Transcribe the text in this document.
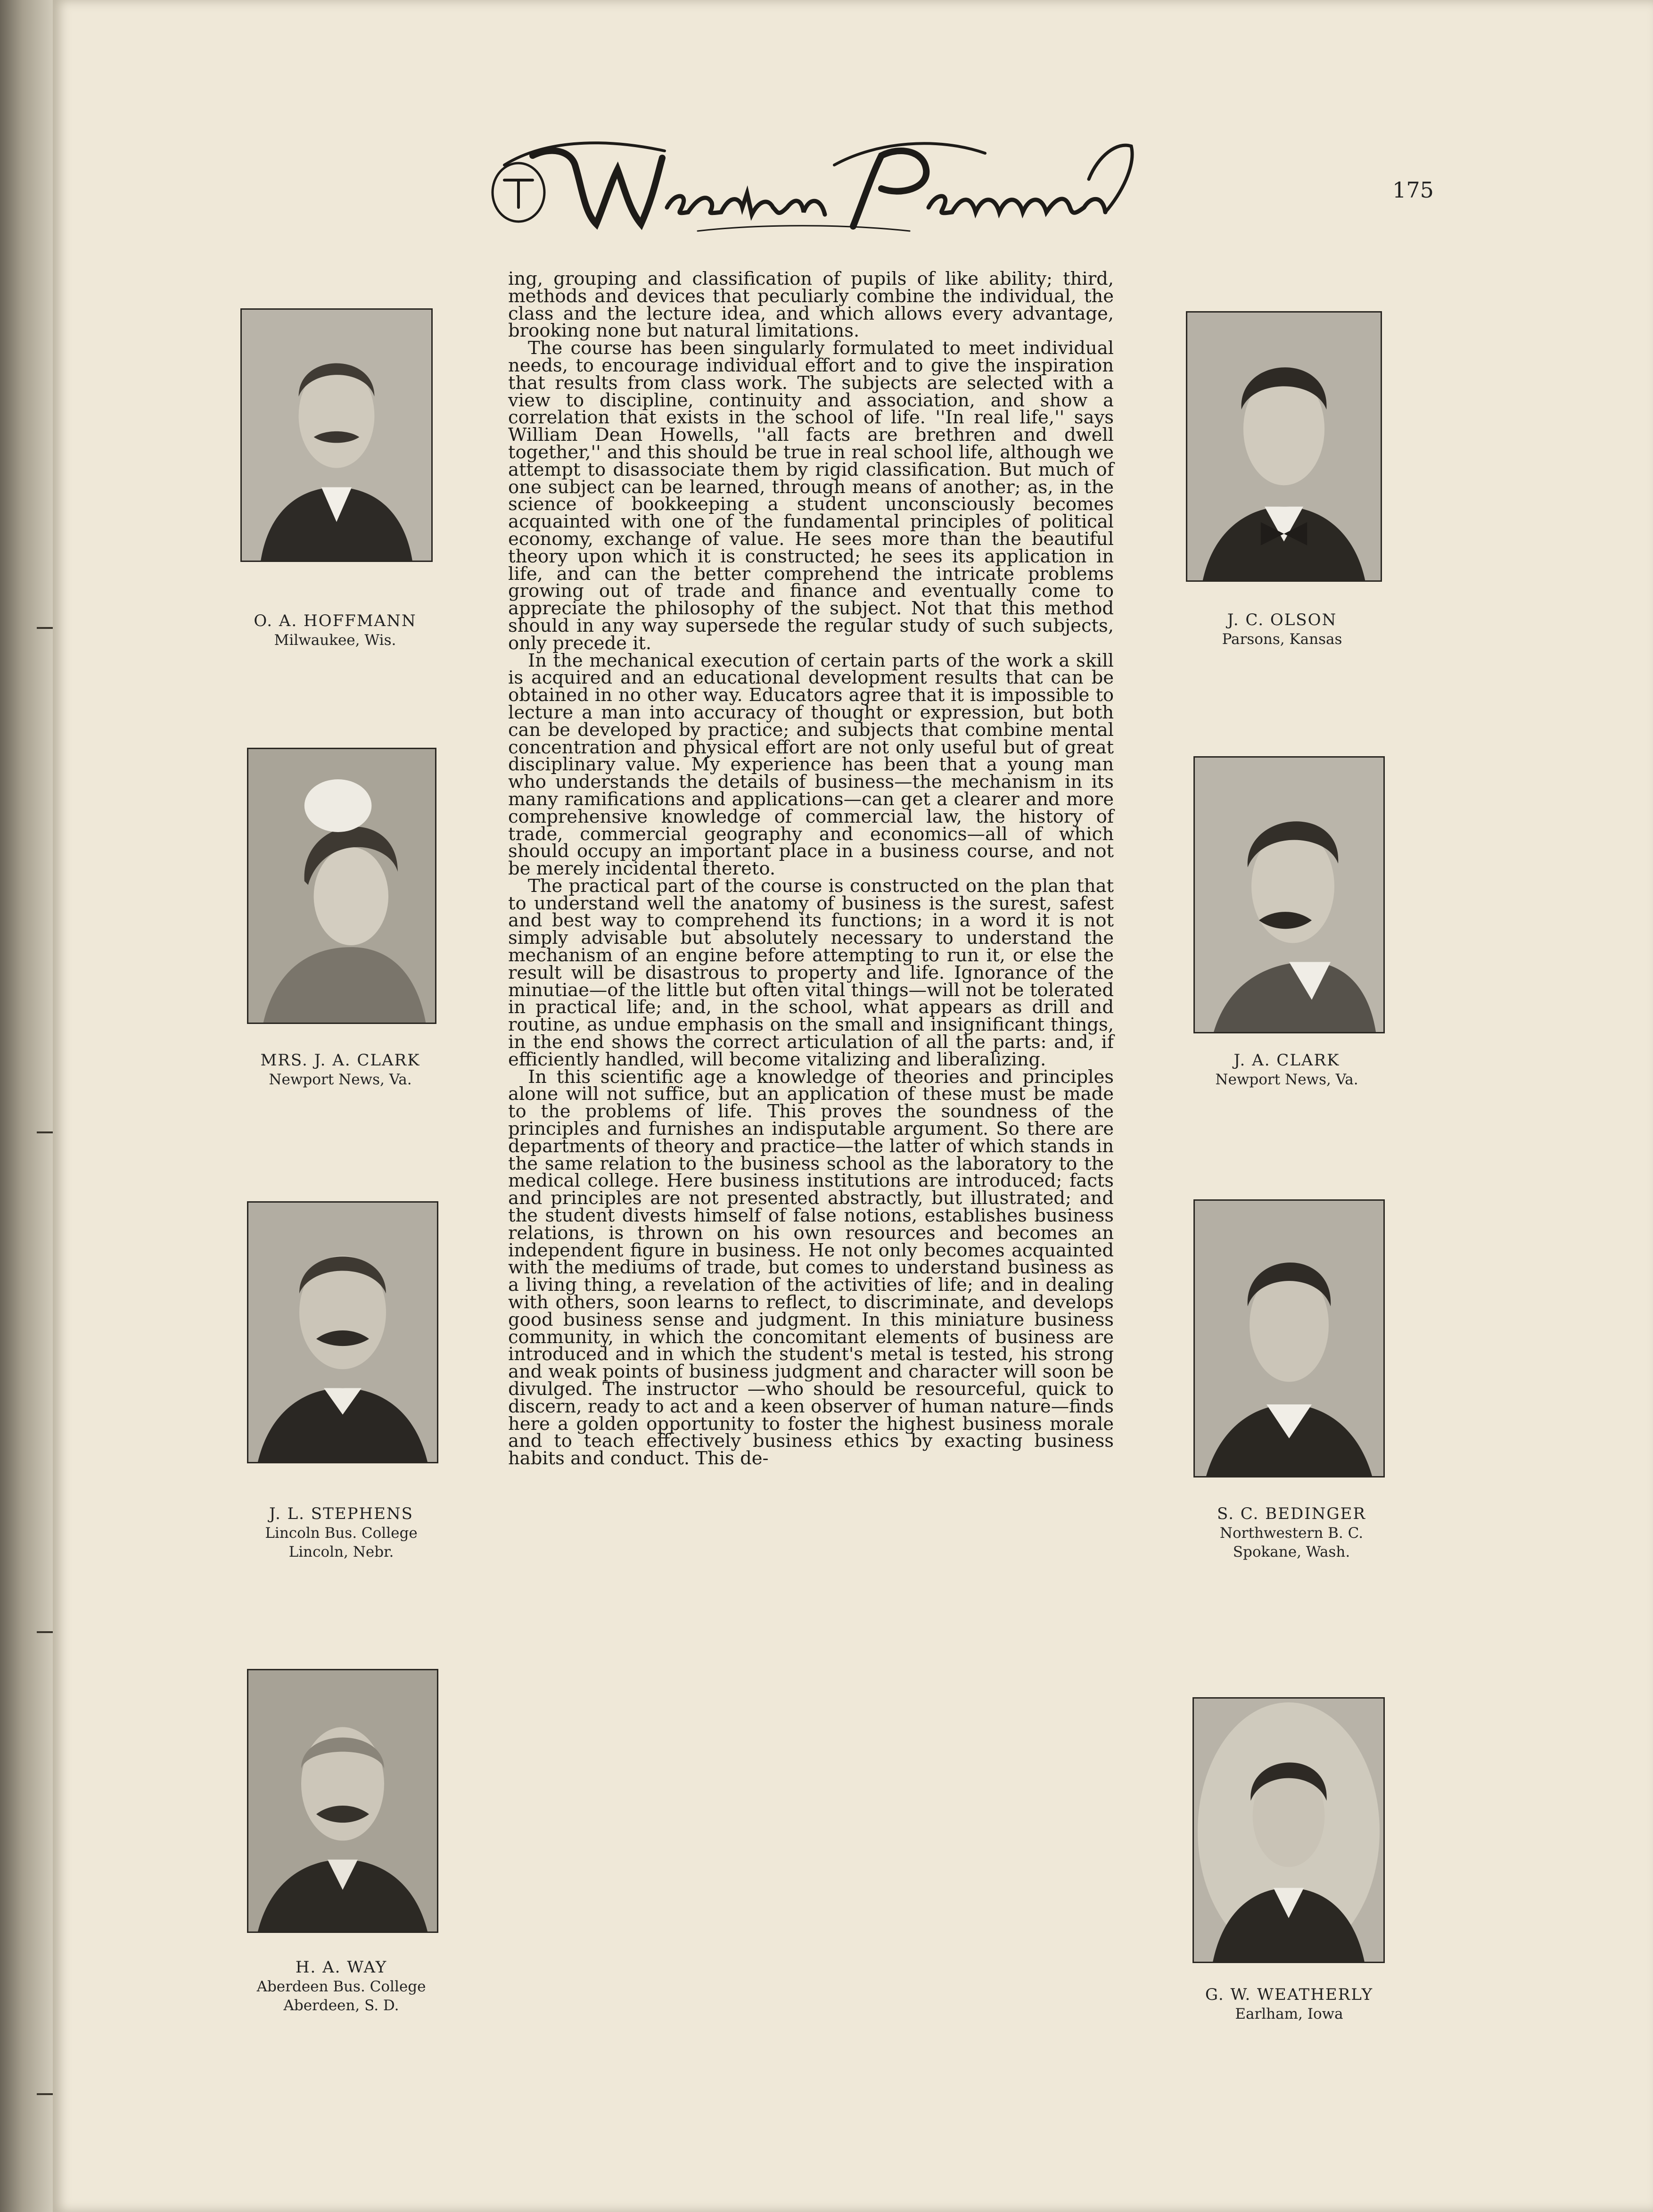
175

ing, grouping and classification of pupils of like ability; third, methods and devices that peculiarly combine the individual, the class and the lecture idea, and which allows every advantage, brooking none but natural limitations.

The course has been singularly formulated to meet individual needs, to encourage individual effort and to give the inspiration that results from class work. The subjects are selected with a view to discipline, continuity and association, and show a correlation that exists in the school of life. ''In real life,'' says William Dean Howells, ''all facts are brethren and dwell together,'' and this should be true in real school life, although we attempt to disassociate them by rigid classification. But much of one subject can be learned, through means of another; as, in the science of bookkeeping a student unconsciously becomes acquainted with one of the fundamental principles of political economy, exchange of value. He sees more than the beautiful theory upon which it is constructed; he sees its application in life, and can the better comprehend the intricate problems growing out of trade and finance and eventually come to appreciate the philosophy of the subject. Not that this method should in any way supersede the regular study of such subjects, only precede it.

In the mechanical execution of certain parts of the work a skill is acquired and an educational development results that can be obtained in no other way. Educators agree that it is impossible to lecture a man into accuracy of thought or expression, but both can be developed by practice; and subjects that combine mental concentration and physical effort are not only useful but of great disciplinary value. My experience has been that a young man who understands the details of business—the mechanism in its many ramifications and applications—can get a clearer and more comprehensive knowledge of commercial law, the history of trade, commercial geography and economics—all of which should occupy an important place in a business course, and not be merely incidental thereto.

The practical part of the course is constructed on the plan that to understand well the anatomy of business is the surest, safest and best way to comprehend its functions; in a word it is not simply advisable but absolutely necessary to understand the mechanism of an engine before attempting to run it, or else the result will be disastrous to property and life. Ignorance of the minutiae—of the little but often vital things—will not be tolerated in practical life; and, in the school, what appears as drill and routine, as undue emphasis on the small and insignificant things, in the end shows the correct articulation of all the parts: and, if efficiently handled, will become vitalizing and liberalizing.

In this scientific age a knowledge of theories and principles alone will not suffice, but an application of these must be made to the problems of life. This proves the soundness of the principles and furnishes an indisputable argument. So there are departments of theory and practice—the latter of which stands in the same relation to the business school as the laboratory to the medical college. Here business institutions are introduced; facts and principles are not presented abstractly, but illustrated; and the student divests himself of false notions, establishes business relations, is thrown on his own resources and becomes an independent figure in business. He not only becomes acquainted with the mediums of trade, but comes to understand business as a living thing, a revelation of the activities of life; and in dealing with others, soon learns to reflect, to discriminate, and develops good business sense and judgment. In this miniature business community, in which the concomitant elements of business are introduced and in which the student's metal is tested, his strong and weak points of business judgment and character will soon be divulged. The instructor —who should be resourceful, quick to discern, ready to act and a keen observer of human nature—finds here a golden opportunity to foster the highest business morale and to teach effectively business ethics by exacting business habits and conduct. This de-

O. A. HOFFMANN
Milwaukee, Wis.
MRS. J. A. CLARK
Newport News, Va.
J. L. STEPHENS
Lincoln Bus. College
Lincoln, Nebr.
H. A. WAY
Aberdeen Bus. College
Aberdeen, S. D.
J. C. OLSON
Parsons, Kansas
J. A. CLARK
Newport News, Va.
S. C. BEDINGER
Northwestern B. C.
Spokane, Wash.
G. W. WEATHERLY
Earlham, Iowa
